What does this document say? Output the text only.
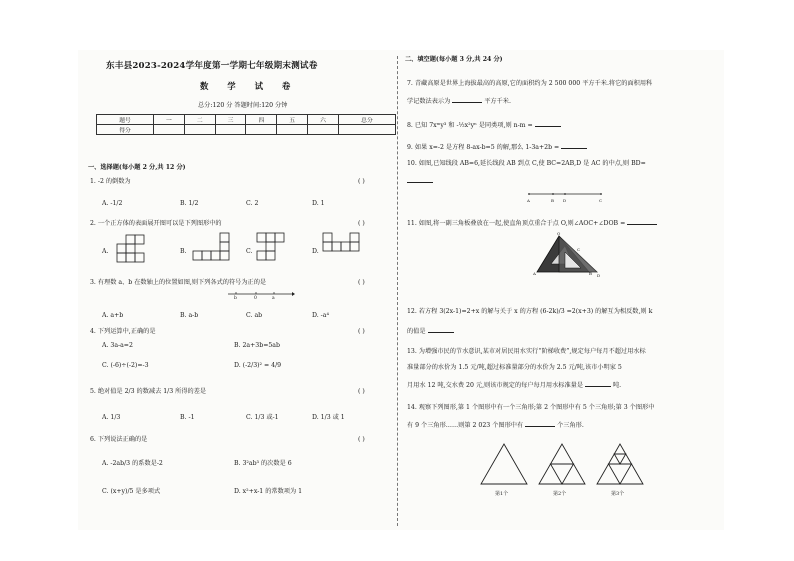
东丰县2023-2024学年度第一学期七年级期末测试卷
数 学 试 卷
总分:120 分 答题时间:120 分钟
题号	一	二	三	四	五	六	总分
得分							
一、选择题(每小题 2 分,共 12 分)
1. -2 的倒数为	( )
A. -1/2	B. 1/2	C. 2	D. 1
2. 一个正方体的表面展开图可以是下列图形中的	( )
A.	B.	C.	D.
3. 有理数 a、b 在数轴上的位置如图,则下列各式的符号为正的是	( )
b	0	a
A. a+b	B. a-b	C. ab	D. -a⁴
4. 下列运算中,正确的是	( )
A. 3a-a=2	B. 2a+3b=5ab
C. (-6)÷(-2)=-3	D. (-2/3)² = 4/9
5. 绝对值是 2/3 的数减去 1/3 所得的差是	( )
A. 1/3	B. -1	C. 1/3 或-1	D. 1/3 或 1
6. 下列说法正确的是	( )
A. -2ab/3 的系数是-2	B. 3²ab³ 的次数是 6
C. (x+y)/5 是多项式	D. x²+x-1 的常数项为 1
二、填空题(每小题 3 分,共 24 分)
7. 青藏高原是世界上海拔最高的高原,它的面积约为 2 500 000 平方千米.将它的面积用科
学记数法表示为	平方千米.
8. 已知 7xᵐy³ 和 -½x²yⁿ 是同类项,则 n-m =
9. 如果 x=-2 是方程 8-ax-b=5 的解,那么 1-3a+2b =
10. 如图,已知线段 AB=6,延长线段 AB 到点 C,使 BC=2AB,D 是 AC 的中点,则 BD=
A	B D	C
11. 如图,将一副三角板叠放在一起,使直角顶点重合于点 O,则∠AOC+∠DOB =
O
A	B
C
D
12. 若方程 3(2x-1)=2+x 的解与关于 x 的方程 (6-2k)/3 =2(x+3) 的解互为相反数,则 k
的值是
13. 为增强市民的节水意识,某市对居民用水实行“阶梯收费”,规定每户每月不超过用水标
准量部分的水价为 1.5 元/吨,超过标准量部分的水价为 2.5 元/吨,该市小明家 5
月用水 12 吨,交水费 20 元,则该市规定的每户每月用水标准量是	吨.
14. 观察下列图形,第 1 个图形中有一个三角形;第 2 个图形中有 5 个三角形;第 3 个图形中
有 9 个三角形……则第 2 023 个图形中有	个三角形.
第1个	第2个	第3个
